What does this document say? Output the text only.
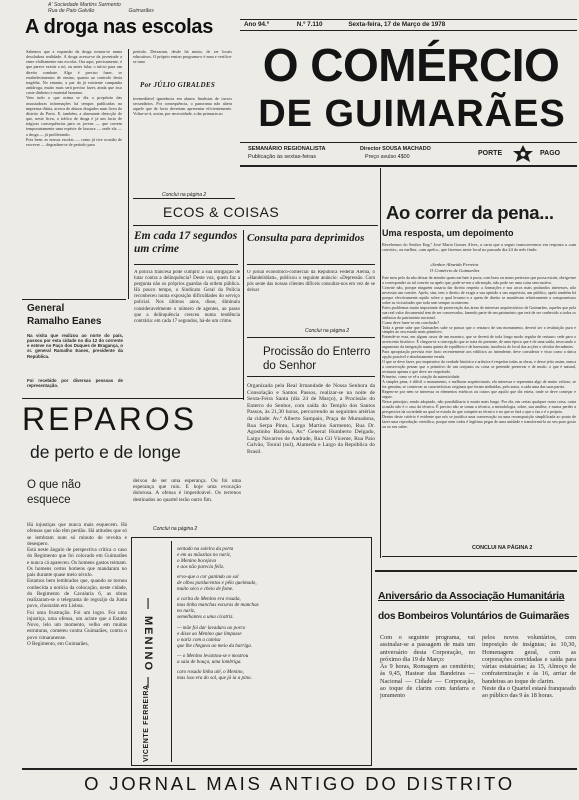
A' Sociedade Martins Sarmento
Rua de Paio Galvão	Guimarães
A droga nas escolas

Sabemos que a expansão da droga tornou-se numa desoladora realidade. A droga acessa-se da juventude a entre efolhamente nas escolas. Ora aqui, precisamente, é que parece existir o nó, ou antes falar, o início para um direito combate. Algo é preciso fazer, se estabelecimentos de ensino, quanto ao controlo desta tragédia. No entanto, a par da já existente campanha antidroga, muito mais será preciso fazer, ainda que isso custe dinheiro e material humano.
Vem tudo o que acima se diz a propósito das assustadoras informações há tempos publicadas na imprensa diária, acerca de alunos drogados num liceu do distrito do Porto. E, também, a alarmante detecção de que, neste liceu, o tráfico de droga é já um facto de trágicas consequências para os jovens — que correm temporariamente uma espécie de loucura — onde ela — a droga — já proliferando.
Pois bem: as nossas escolas — como já tive ocasião de escrever — degradam-se de período para

período. Deixaram, desde há muito, de ser locais educativos. O próprio ensino programa-o é mau e verifica-se uma

Por JÚLIO GIRALDES

irremediável ignorância em alunos finalistas de cursos secundários. Por consequência, o panorama não altera aquele que de facto deveriam apresentar eficientemente. Voltar-se-á, assim, por necessidade, a dar primazia ao

Conclui na página 2
General
Ramalho Eanes

Na visita que realizou ao norte do país, passou por esta cidade no dia 12 do corrente e esteve no Paço dos Duques de Bragança, o sr. general Ramalho Eanes, presidente da República.

Foi recebido por diversas pessoas de representação.

Ano 94.º	N.º 7.110	Sexta-feira, 17 de Março de 1978
O COMÉRCIO
DE GUIMARÃES
SEMANÁRIO REGIONALISTA
Publicação às sextas-feiras
Director SOUSA MACHADO
Preço avulso 4$00	PORTE	PAGO
ECOS & COISAS
Em cada 17 segundos um crime

A polícia francesa pode cumprir a sua obrigação de lutar contra a delinquência? Deste voz, quem faz a pergunta não os próprios guardas da ordem pública. Há pouco tempo, o Sindicato Geral da Polícia reconheceu numa exposição dificuldades do serviço policial. Nos últimos anos, disse, diminuiu consideravelmente o número de agentes, ao passo que a delinquência cresceu numa tendência contrária: em cada 17 segundos, há-de um crime.

Consulta para deprimidos

O jornal económico-comercial da República Federal Alemã, o «Handelsblatt», publicou o seguinte anúncio: «Depressão. Com pós sente das nossas clientes difíceis consultar-nos em vez de se deixar

Conclui na página 2
Procissão do Enterro do Senhor

Organizada pela Real Irmandade de Nossa Senhora da Consolação e Santos Passos, realizar-se na noite de Sexta-Feira Santa (dia 24 de Março), a Procissão do Enterro do Senhor, com saída do Templo dos Santos Passos, às 21,30 horas, percorrendo as seguintes artérias da cidade: Av.ª Alberto Sampaio, Praça de Mumadona, Rua Serpa Pinto, Largo Martins Sarmento, Rua Dr. Agostinho Barbosa, Av.ª General Humberto Delgado, Largo Navarros de Andrade, Rua Gil Vicente, Rua Paio Galvão, Toural (sul), Alameda e Largo da República do Brasil.

Ao correr da pena...
Uma resposta, um depoimento

Recebemos do Senhor Eng.º José Maria Gomes Alves, a carta que a seguir transcrevemos em resposta a «um convite», ou melhor, «um apelo», que fizemos neste local no passado dia 24 do mês findo:

«Senhor Almeida Ferreira
O Comércio de Guimarães

Este meu pelo da não deixar de atender quem me bate à porta, com bons ou maus pretextos que possa existir, obriga-me a corresponder ao tal convite ou apelo que, pode-se-me a afirmação, não pode ser uma coisa sem motivo.
Convite não, porque ninguém ousaria dar direito respeito a formações e nos arcos mais profundos interesses, não necessita um convite. Apelo, sim, tem o direito de exigir a sua opinião a um arquivista, um público, apelo também há porque efectivamente aquilo sobre o qual levanto-o a quem de direito se manifestar relativamente a compromissos sobre as vicissitudes que toda sem sempre acontecem.
Estes problemas muito importante de preservação das áreas de interesse arquitectónico de Guimarães, aqueles que pela sua real valor documental tem de ser conservados, fazendo parte de um património que terá de ser conhecido a todos os atributos do património nacional.
Como deve fazer-se em conclusão?
Toda a gente sabe que Guimarães sabe se passar que o restauro de um monumento, deverá ser a restituição pura e simples ao seu estado mais primitivo.
Entende-se essa, em alguns casos de um monstro, que se deverá de toda longo modo regular de restauro cede para o acrescento histórico. É chegou-se a concepção que se trata do presente, de uma época que é de uma saída, invocando o argumento da integração numa quinta de equilíbrio e de harmonia, inocência do local das acções o séculos decadentes.
Para apropriação prevista este facto recentemente aos edifícios ao intendente, deve considerar e visto como a única opção possível e absolutamente errada.
O que se deve fazer, por imperativo da verdade histórica e artística é respeitar todas as obras, e desse jeito assim, nunca a conservação pensar que o primitivo de um conjunto ou coisa se pretende preservar e de modo, o que é natural, restaurar apenas o que deve ser respeitado.
Primeiro, como se vê a criação da autenticidade.
A simples pena, é difícil o monumento, e melhorar arquitecturais, ela interessa e representa algo de muito valioso, se for genuína, se conservar as características originais que foram atribuídas, pelo autor, a cada uma das suas partes.
Regem-se por nem se interessa os elementos estéticos ou outros que aquilo que diz esteta, onde se deve começar e seguir.
Nesse princípio, sendo adoptado, não possibilitaria ir muito mais longe. Por ela, em certas qualquer outra coisa, outra ocasião não é o caso da técnica. É preciso não se tomar a técnica, a metodologia, sobre, sua análise, e nunca perder a perspectiva da sociedade na qual se estuda do que compete ao técnico e no que se fará o que o faz o é o próprio.
Dentro deste critério é evidente que nós se justifica uma conservação ou uma recomposição simplificada ao ponto de fazer uma reprodução científica, porque nem todos é legítimo pegar de uma unidade e transformá-la ao seu puro gosto ou ao seu saber.

CONCLUI NA PÁGINA 2
REPAROS
de perto e de longe
O que não esquece

Há injustiças que nunca mais esquecem. Há ofensas que não têm perdão. Há atitudes que só se lembram num só minuto de revolta e desespero.
Está neste ângulo de perspectiva crítica o caso do Regimento que foi colocado em Guimarães e nunca cá apareceu. Os homens gastos teimam. Os homens certos homens que mandaram no país durante quase meio século.
Estamos bem lembrados que, quando se tornou conhecida a notícia da colocação, neste cidade, do Regimento de Cavalaria 6, as obras realizaram-se o telegrama de regozijo da Junta povo, chorarám em Lisboa.
Foi uma frustração. Foi um logro. Foi uma injustiça, uma ofensa, um acinte que a Estado Novo, lelo um momento, velho em muitas estruturas, cometeu contra Guimarães, contra o povo vimaranense.
O Regimento, em Guimarães,

deixou de ser uma esperança. Ou foi uma esperança que ruiu. E hoje uma evocação dolorosa. A ofensa é imperdoável. Os terrenos destinados ao quartel terão outro fim.

Conclui na página 2
— MENINO —
VICENTE FERREIRA
sentado na soleira da porta
e em as mãozitas no nariz,
o Menino bocejava
e aos não parecia feliz.
ervo-que o cor ganindo ao sol
de olhos pardacentos e pêlo queimado,
muito séco e cheio de fome.
a carita do Menino era rosada,
mas tinha manchas escuras de manchas
no nariz,
semelhantes a uma cicatriz.
— mãe foi dar lavadura ao porco
e disse ao Menino que limpasse
o nariz com a camisa
que lhe chegava ao meio da barriga.
— o Menino levantou-se e mostrou
a saia de bouça, uma lombriga.
caro rosado linha alé, o Menino,
mas isso era do sol, que já ia a pino.
Aniversário da Associação Humanitária
dos Bombeiros Voluntários de Guimarães

Com o seguinte programa, vai assinalar-se a passagem de mais um aniversário desta Corporação, no próximo dia 19 de Março:
Às 9 horas, Romagem ao cemitério; às 9,45, Hastear das Bandeiras — Nacional — Cidade — Corporação, ao toque de clarim com fanfarra e juramento

pelos novos voluntários, com imposição de insígnias; às 10,30, Homenagem geral, com as corporações convidadas e saída para várias estatuárias; às 15, Almoço de confraternização e às 16, arriar de bandeiras ao toque de clarim.
Neste dia o Quartel estará franqueado ao público das 9 às 18 horas.

O JORNAL MAIS ANTIGO DO DISTRITO
